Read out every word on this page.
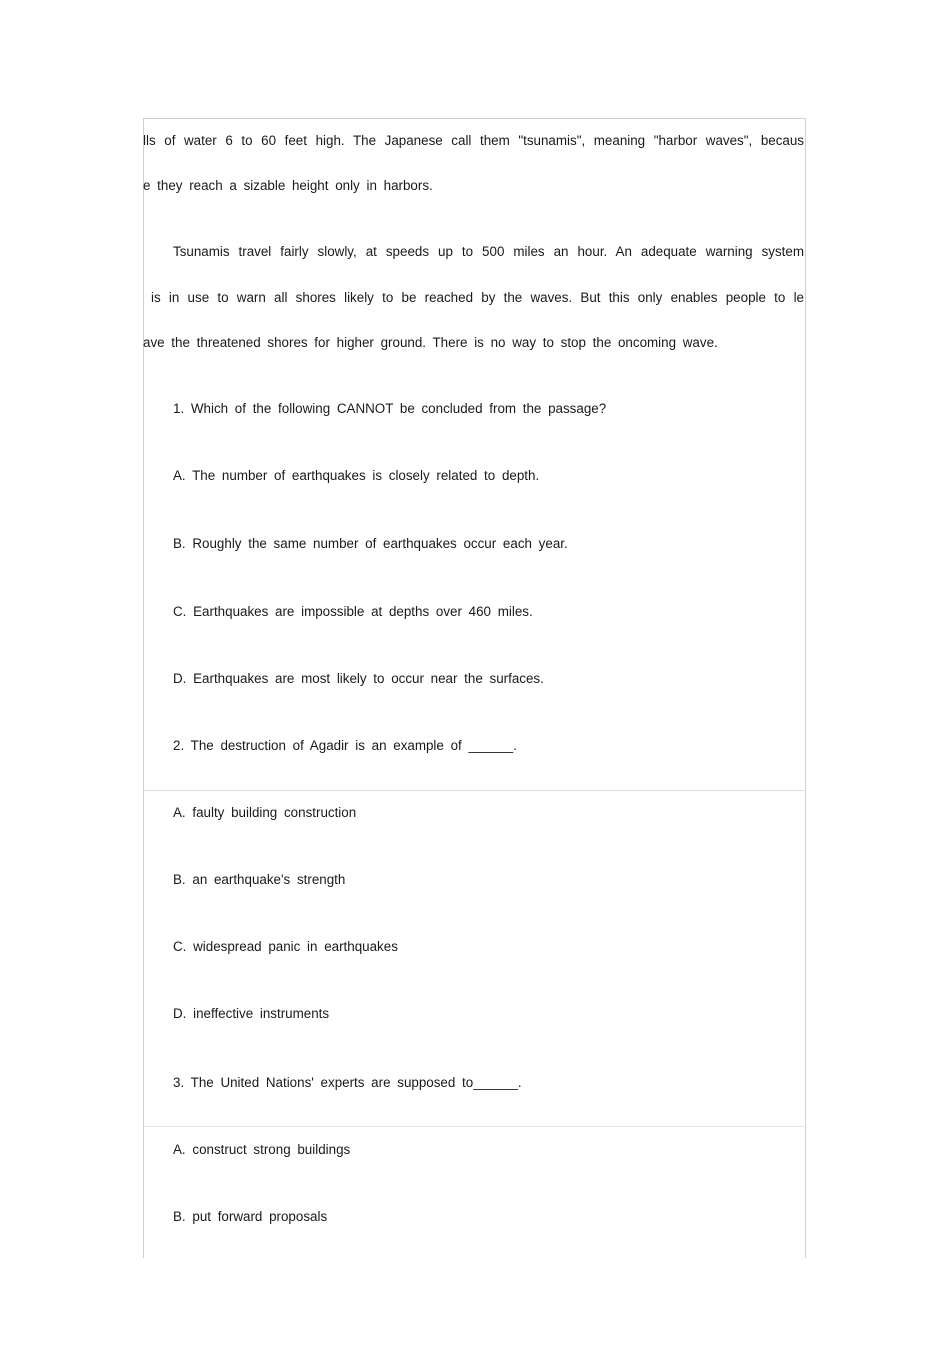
lls of water 6 to 60 feet high. The Japanese call them "tsunamis", meaning "harbor waves", becaus
e they reach a sizable height only in harbors.
Tsunamis travel fairly slowly, at speeds up to 500 miles an hour. An adequate warning system
is in use to warn all shores likely to be reached by the waves. But this only enables people to le
ave the threatened shores for higher ground. There is no way to stop the oncoming wave.
1. Which of the following CANNOT be concluded from the passage?
A. The number of earthquakes is closely related to depth.
B. Roughly the same number of earthquakes occur each year.
C. Earthquakes are impossible at depths over 460 miles.
D. Earthquakes are most likely to occur near the surfaces.
2. The destruction of Agadir is an example of ______.
A. faulty building construction
B. an earthquake's strength
C. widespread panic in earthquakes
D. ineffective instruments
3. The United Nations' experts are supposed to______.
A. construct strong buildings
B. put forward proposals
